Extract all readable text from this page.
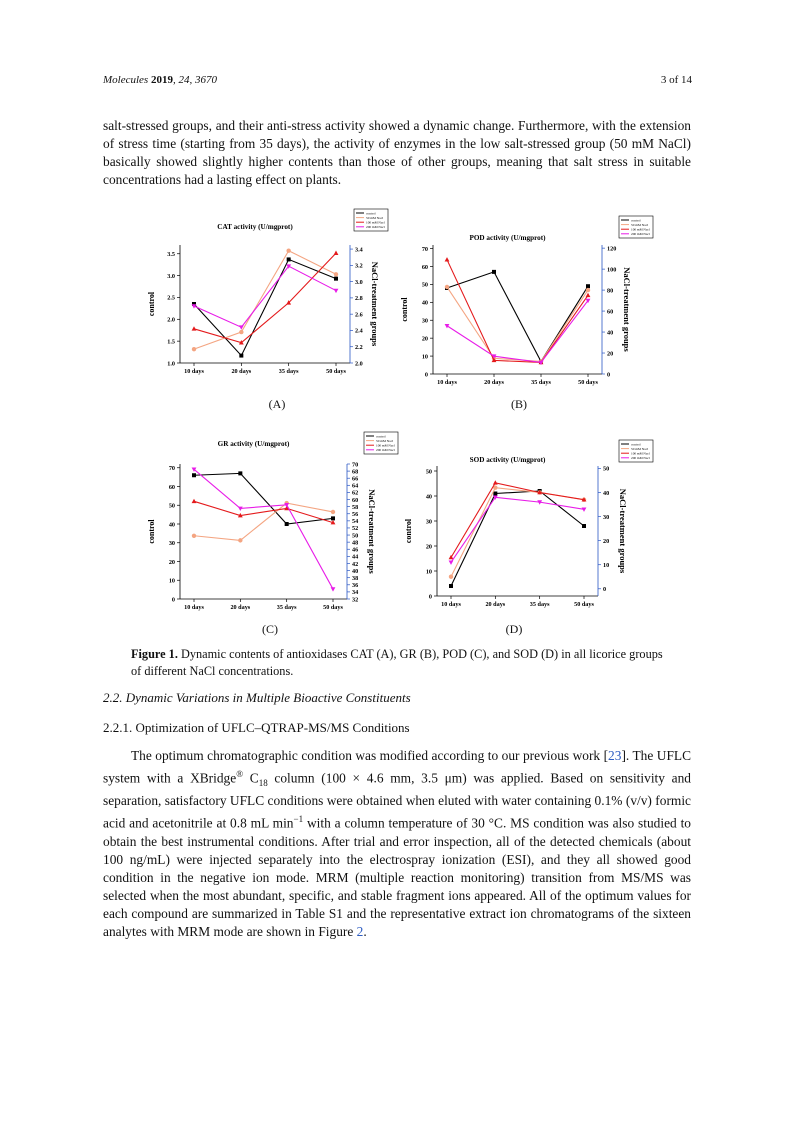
Molecules 2019, 24, 3670	3 of 14
salt-stressed groups, and their anti-stress activity showed a dynamic change. Furthermore, with the extension of stress time (starting from 35 days), the activity of enzymes in the low salt-stressed group (50 mM NaCl) basically showed slightly higher contents than those of other groups, meaning that salt stress in suitable concentrations had a lasting effect on plants.
CAT activity (U/mgprot)
1.0
1.5
2.0
2.5
3.0
3.5
2.0
2.2
2.4
2.6
2.8
3.0
3.2
3.4
10 days	20 days	35 days	50 days
control	NaCl-treatment groups
control
50 mM Nacl
100 mM Nacl
200 mM Nacl
POD activity (U/mgprot)
0
10
20
30
40
50
60
70
0
20
40
60
80
100
120
10 days	20 days	35 days	50 days
control	NaCl-treatment groups
control
50 mM Nacl
100 mM Nacl
200 mM Nacl
GR activity (U/mgprot)
0
10
20
30
40
50
60
70
32
34
36
38
40
42
44
46
48
50
52
54
56
58
60
62
64
66
68
70
10 days	20 days	35 days	50 days
control	NaCl-treatment groups
control
50 mM Nacl
100 mM Nacl
200 mM Nacl
SOD activity (U/mgprot)
0
10
20
30
40
50
0
10
20
30
40
50
10 days	20 days	35 days	50 days
control	NaCl-treatment groups
control
50 mM Nacl
100 mM Nacl
200 mM Nacl
(A)	(B)
(C)	(D)
Figure 1. Dynamic contents of antioxidases CAT (A), GR (B), POD (C), and SOD (D) in all licorice groups of different NaCl concentrations.
2.2. Dynamic Variations in Multiple Bioactive Constituents
2.2.1. Optimization of UFLC–QTRAP-MS/MS Conditions
The optimum chromatographic condition was modified according to our previous work [23]. The UFLC system with a XBridge® $C_{18}$ column (100 × 4.6 mm, 3.5 μm) was applied. Based on sensitivity and separation, satisfactory UFLC conditions were obtained when eluted with water containing 0.1% (v/v) formic acid and acetonitrile at 0.8 mL $\min^{-1}$ with a column temperature of 30 °C. MS condition was also studied to obtain the best instrumental conditions. After trial and error inspection, all of the detected chemicals (about 100 ng/mL) were injected separately into the electrospray ionization (ESI), and they all showed good condition in the negative ion mode. MRM (multiple reaction monitoring) transition from MS/MS was selected when the most abundant, specific, and stable fragment ions appeared. All of the optimum values for each compound are summarized in Table S1 and the representative extract ion chromatograms of the sixteen analytes with MRM mode are shown in Figure 2.
